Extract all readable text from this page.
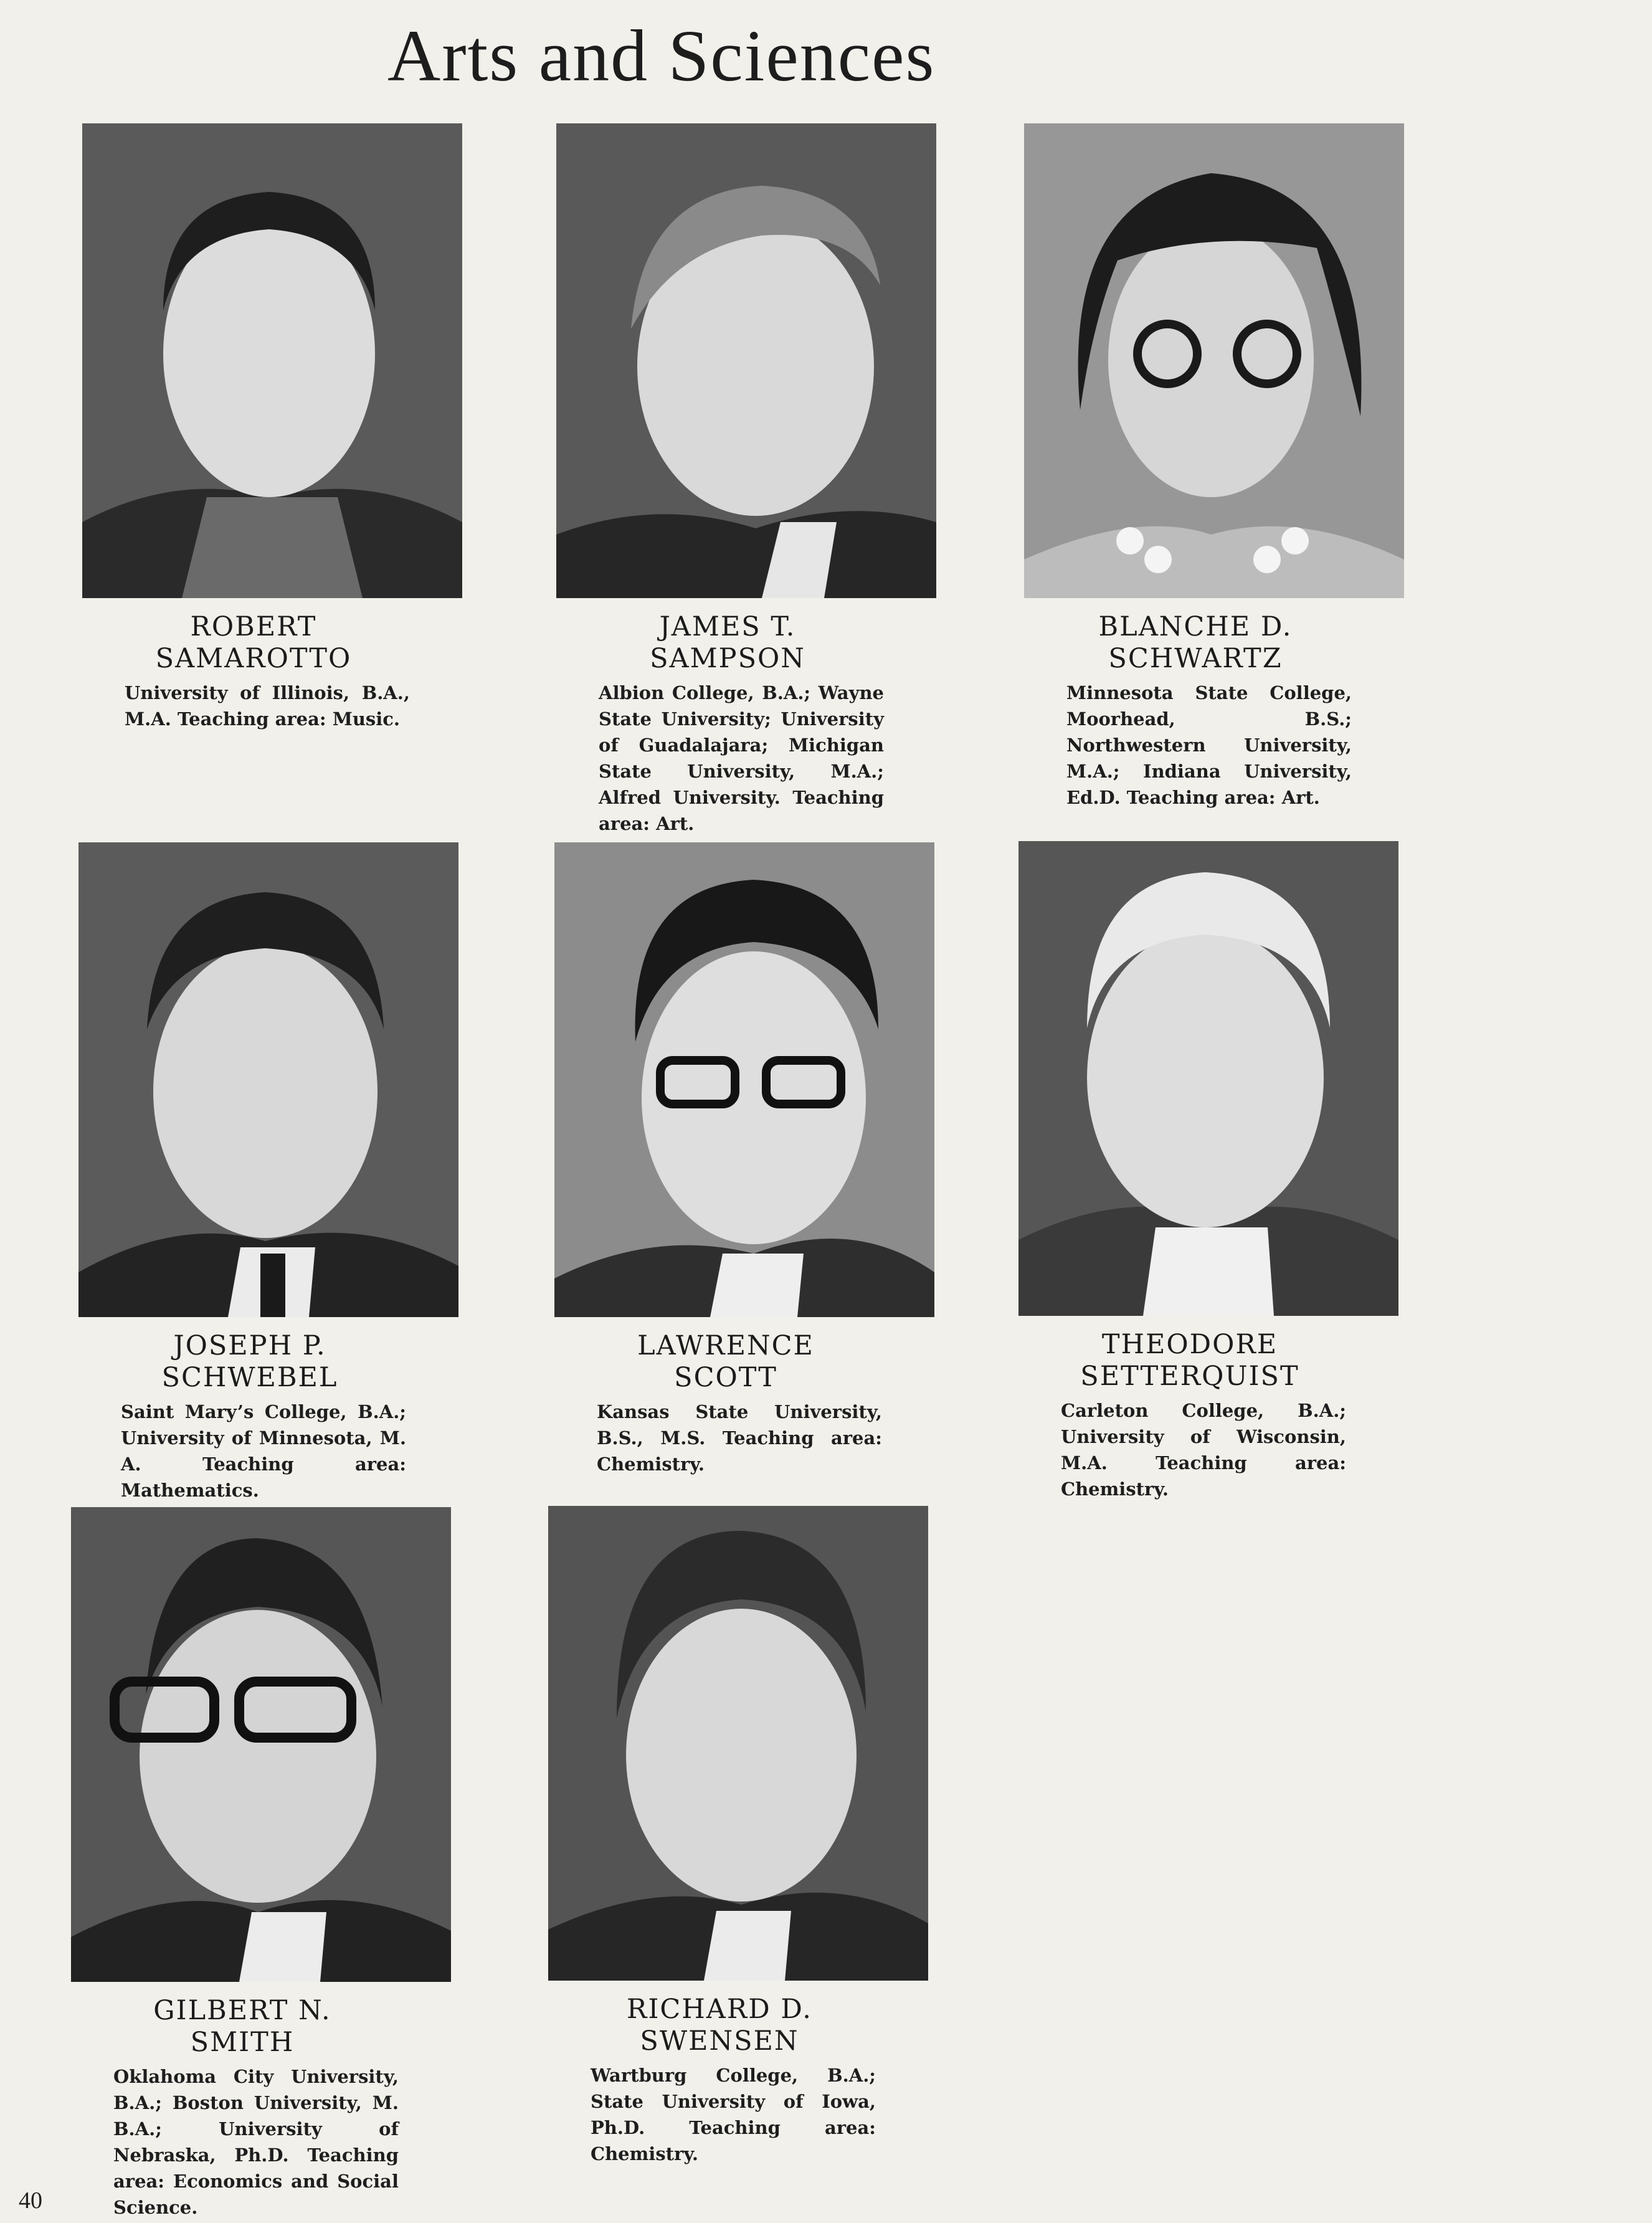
Arts and Sciences
ROBERT
SAMAROTTO
University of Illinois, B.A., M.A. Teaching area: Music.
JAMES T.
SAMPSON
Albion College, B.A.; Wayne State University; University of Guadalajara; Michigan State University, M.A.; Alfred University. Teaching area: Art.
BLANCHE D.
SCHWARTZ
Minnesota State College, Moorhead, B.S.; Northwestern University, M.A.; Indiana University, Ed.D. Teaching area: Art.
JOSEPH P.
SCHWEBEL
Saint Mary’s College, B.A.; University of Minnesota, M. A. Teaching area: Mathematics.
LAWRENCE
SCOTT
Kansas State University, B.S., M.S. Teaching area: Chemistry.
THEODORE
SETTERQUIST
Carleton College, B.A.; University of Wisconsin, M.A. Teaching area: Chemistry.
GILBERT N.
SMITH
Oklahoma City University, B.A.; Boston University, M. B.A.; University of Nebraska, Ph.D. Teaching area: Economics and Social Science.
RICHARD D.
SWENSEN
Wartburg College, B.A.; State University of Iowa, Ph.D. Teaching area: Chemistry.
40
